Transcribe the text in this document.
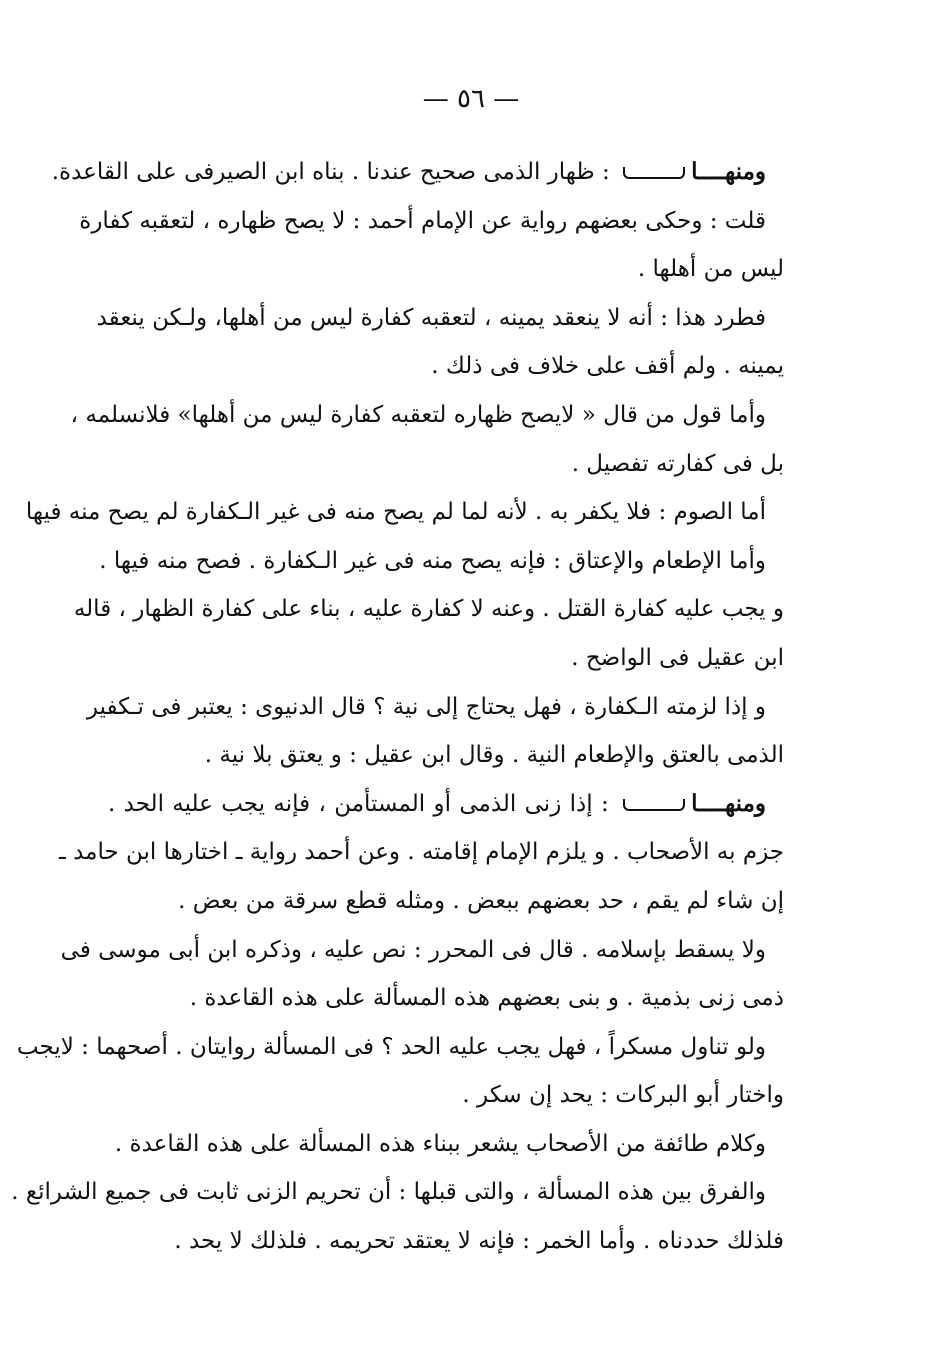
— ٥٦ —
ومنهــــا : ظهار الذمى صحيح عندنا . بناه ابن الصيرفى على القاعدة.
قلت : وحكى بعضهم رواية عن الإمام أحمد : لا يصح ظهاره ، لتعقبه كفارة
ليس من أهلها .
فطرد هذا : أنه لا ينعقد يمينه ، لتعقبه كفارة ليس من أهلها، ولـكن ينعقد
يمينه . ولم أقف على خلاف فى ذلك .
وأما قول من قال « لايصح ظهاره لتعقبه كفارة ليس من أهلها» فلانسلمه ،
بل فى كفارته تفصيل .
أما الصوم : فلا يكفر به . لأنه لما لم يصح منه فى غير الـكفارة لم يصح منه فيها
وأما الإطعام والإعتاق : فإنه يصح منه فى غير الـكفارة . فصح منه فيها .
و يجب عليه كفارة القتل . وعنه لا كفارة عليه ، بناء على كفارة الظهار ، قاله
ابن عقيل فى الواضح .
و إذا لزمته الـكفارة ، فهل يحتاج إلى نية ؟ قال الدنيوى : يعتبر فى تـكفير
الذمى بالعتق والإطعام النية . وقال ابن عقيل : و يعتق بلا نية .
ومنهــــا : إذا زنى الذمى أو المستأمن ، فإنه يجب عليه الحد .
جزم به الأصحاب . و يلزم الإمام إقامته . وعن أحمد رواية ـ اختارها ابن حامد ـ
إن شاء لم يقم ، حد بعضهم ببعض . ومثله قطع سرقة من بعض .
ولا يسقط بإسلامه . قال فى المحرر : نص عليه ، وذكره ابن أبى موسى فى
ذمى زنى بذمية . و بنى بعضهم هذه المسألة على هذه القاعدة .
ولو تناول مسكراً ، فهل يجب عليه الحد ؟ فى المسألة روايتان . أصحهما : لايجب
واختار أبو البركات : يحد إن سكر .
وكلام طائفة من الأصحاب يشعر ببناء هذه المسألة على هذه القاعدة .
والفرق بين هذه المسألة ، والتى قبلها : أن تحريم الزنى ثابت فى جميع الشرائع .
فلذلك حددناه . وأما الخمر : فإنه لا يعتقد تحريمه . فلذلك لا يحد .
